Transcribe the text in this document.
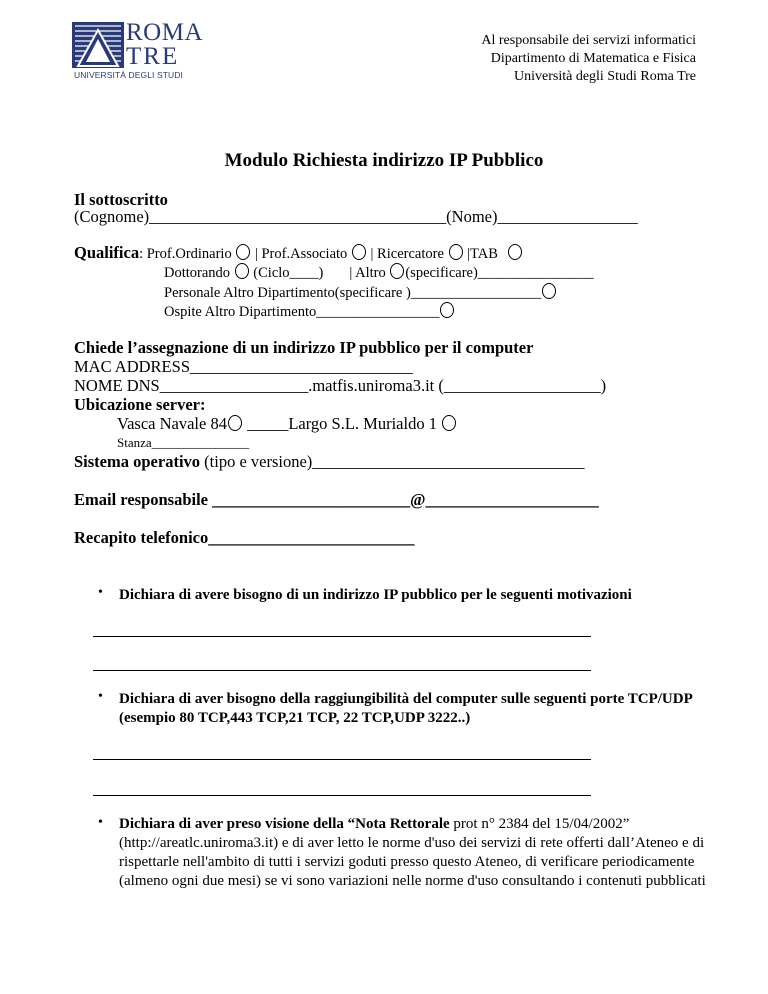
ROMA
TRE
UNIVERSITÀ DEGLI STUDI
Al responsabile dei servizi informatici
Dipartimento di Matematica e Fisica
Università degli Studi Roma Tre
Modulo Richiesta indirizzo IP Pubblico
Il sottoscritto
(Cognome)____________________________________(Nome)_________________
Qualifica: Prof.Ordinario  | Prof.Associato  | Ricercatore  |TAB
Dottorando  (Ciclo____) | Altro (specificare)________________
Personale Altro Dipartimento(specificare )__________________
Ospite Altro Dipartimento_________________
Chiede l’assegnazione di un indirizzo IP pubblico per il computer
MAC ADDRESS___________________________
NOME DNS__________________.matfis.uniroma3.it (___________________)
Ubicazione server:
Vasca Navale 84 _____Largo S.L. Murialdo 1
Stanza_______________
Sistema operativo (tipo e versione)_________________________________
Email responsabile ________________________@_____________________
Recapito telefonico_________________________
• Dichiara di avere bisogno di un indirizzo IP pubblico per le seguenti motivazioni
• Dichiara di aver bisogno della raggiungibilità del computer sulle seguenti porte TCP/UDP (esempio 80 TCP,443 TCP,21 TCP, 22 TCP,UDP 3222..)
• Dichiara di aver preso visione della “Nota Rettorale prot n° 2384 del 15/04/2002” (http://areatlc.uniroma3.it) e di aver letto le norme d'uso dei servizi di rete offerti dall’Ateneo e di rispettarle nell'ambito di tutti i servizi goduti presso questo Ateneo, di verificare periodicamente (almeno ogni due mesi) se vi sono variazioni nelle norme d'uso consultando i contenuti pubblicati
